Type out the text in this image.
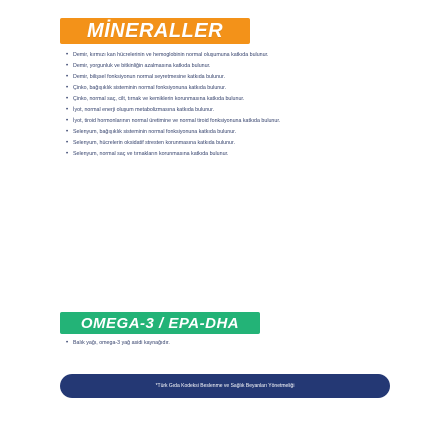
MİNERALLER
• Demir, kırmızı kan hücrelerinin ve hemoglobinin normal oluşumuna katkıda bulunur.
• Demir, yorgunluk ve bitkinliğin azalmasına katkıda bulunur.
• Demir, bilişsel fonksiyonun normal seyretmesine katkıda bulunur.
• Çinko, bağışıklık sisteminin normal fonksiyonuna katkıda bulunur.
• Çinko, normal saç, cilt, tırnak ve kemiklerin korunmasına katkıda bulunur.
• İyot, normal enerji oluşum metabolizmasına katkıda bulunur.
• İyot, tiroid hormonlarının normal üretimine ve normal tiroid fonksiyonuna katkıda bulunur.
• Selenyum, bağışıklık sisteminin normal fonksiyonuna katkıda bulunur.
• Selenyum, hücrelerin oksidatif stresten korunmasına katkıda bulunur.
• Selenyum, normal saç ve tırnakların korunmasına katkıda bulunur.
OMEGA-3 / EPA-DHA
• Balık yağı, omega-3 yağ asidi kaynağıdır.
*Türk Gıda Kodeksi Beslenme ve Sağlık Beyanları Yönetmeliği
